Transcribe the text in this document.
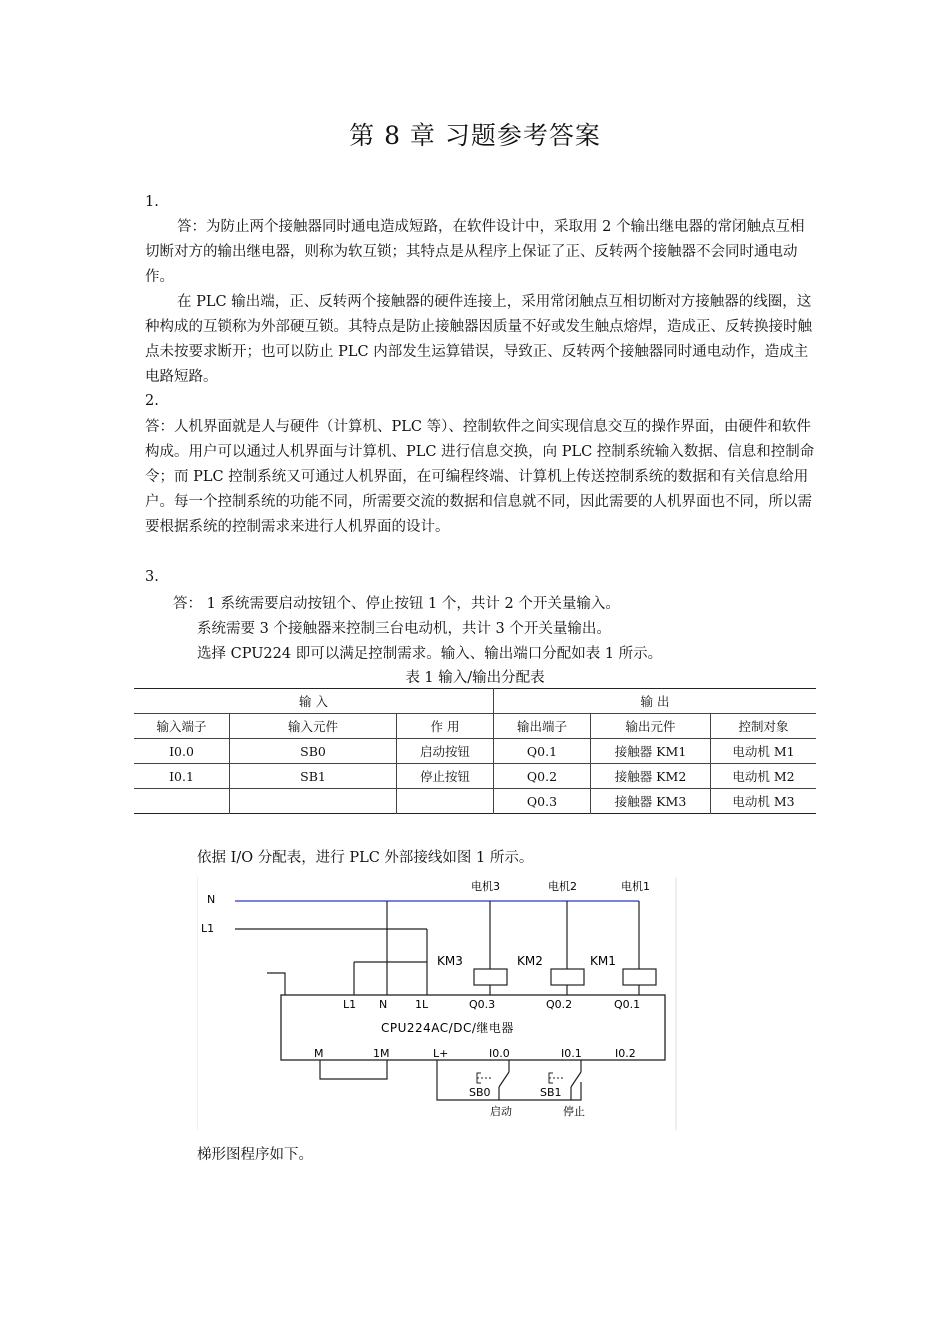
第 8 章 习题参考答案
1.
答：为防止两个接触器同时通电造成短路，在软件设计中，采取用 2 个输出继电器的常闭触点互相切断对方的输出继电器，则称为软互锁；其特点是从程序上保证了正、反转两个接触器不会同时通电动作。
在 PLC 输出端，正、反转两个接触器的硬件连接上，采用常闭触点互相切断对方接触器的线圈，这种构成的互锁称为外部硬互锁。其特点是防止接触器因质量不好或发生触点熔焊，造成正、反转换接时触点未按要求断开；也可以防止 PLC 内部发生运算错误，导致正、反转两个接触器同时通电动作，造成主电路短路。
2.
答：人机界面就是人与硬件（计算机、PLC 等）、控制软件之间实现信息交互的操作界面，由硬件和软件构成。用户可以通过人机界面与计算机、PLC 进行信息交换，向 PLC 控制系统输入数据、信息和控制命令；而 PLC 控制系统又可通过人机界面，在可编程终端、计算机上传送控制系统的数据和有关信息给用户。每一个控制系统的功能不同，所需要交流的数据和信息就不同，因此需要的人机界面也不同，所以需要根据系统的控制需求来进行人机界面的设计。
3.
答： 1 系统需要启动按钮个、停止按钮 1 个，共计 2 个开关量输入。
系统需要 3 个接触器来控制三台电动机，共计 3 个开关量输出。
选择 CPU224 即可以满足控制需求。输入、输出端口分配如表 1 所示。
表 1 输入/输出分配表
输 入			输 出		
输入端子	输入元件	作 用	输出端子	输出元件	控制对象
I0.0	SB0	启动按钮	Q0.1	接触器 KM1	电动机 M1
I0.1	SB1	停止按钮	Q0.2	接触器 KM2	电动机 M2
			Q0.3	接触器 KM3	电动机 M3
依据 I/O 分配表，进行 PLC 外部接线如图 1 所示。
N
L1
电机3	电机2	电机1
KM3	KM2	KM1
L1 N	1L	Q0.3	Q0.2	Q0.1
CPU224AC/DC/继电器
M	1M	L+	I0.0	I0.1	I0.2
SB0	SB1
启动	停止
梯形图程序如下。
